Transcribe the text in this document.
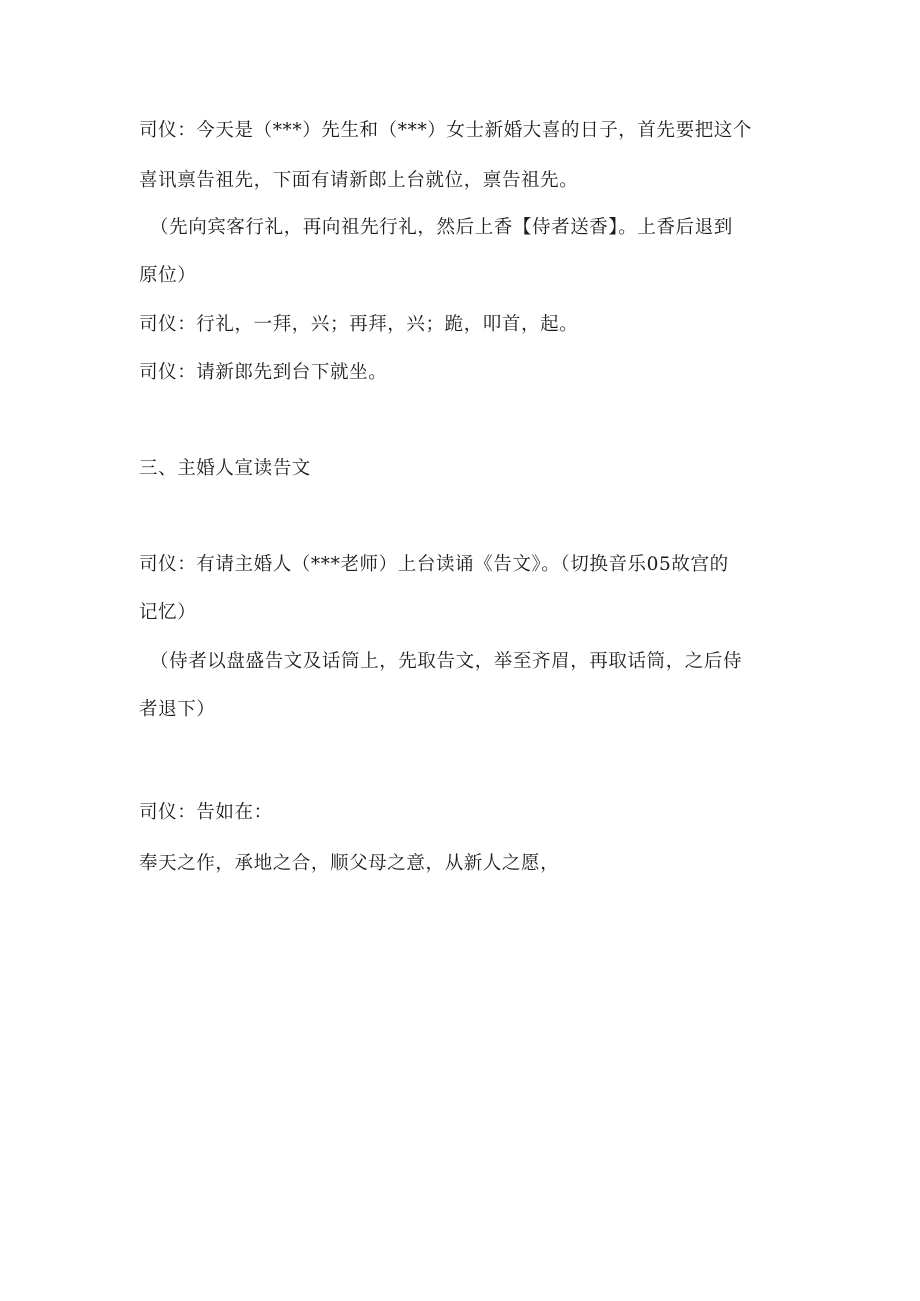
司仪：今天是（***）先生和（***）女士新婚大喜的日子，首先要把这个
喜讯禀告祖先，下面有请新郎上台就位，禀告祖先。
（先向宾客行礼，再向祖先行礼，然后上香【侍者送香】。上香后退到
原位）
司仪：行礼，一拜，兴；再拜，兴；跪，叩首，起。
司仪：请新郎先到台下就坐。
三、主婚人宣读告文
司仪：有请主婚人（***老师）上台读诵《告文》。（切换音乐05故宫的
记忆）
（侍者以盘盛告文及话筒上，先取告文，举至齐眉，再取话筒，之后侍
者退下）
司仪：告如在：
奉天之作，承地之合，顺父母之意，从新人之愿，
